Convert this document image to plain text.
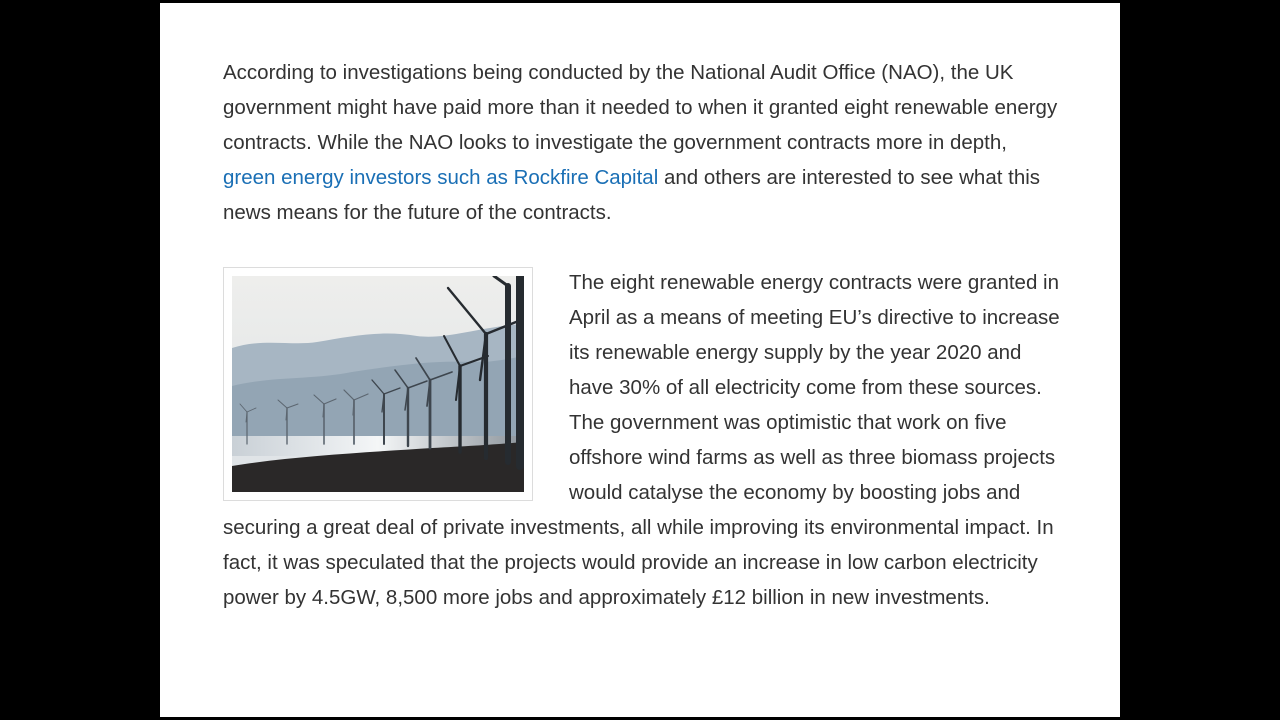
According to investigations being conducted by the National Audit Office (NAO), the UK government might have paid more than it needed to when it granted eight renewable energy contracts. While the NAO looks to investigate the government contracts more in depth, green energy investors such as Rockfire Capital and others are interested to see what this news means for the future of the contracts.

The eight renewable energy contracts were granted in April as a means of meeting EU’s directive to increase its renewable energy supply by the year 2020 and have 30% of all electricity come from these sources. The government was optimistic that work on five offshore wind farms as well as three biomass projects would catalyse the economy by boosting jobs and securing a great deal of private investments, all while improving its environmental impact. In fact, it was speculated that the projects would provide an increase in low carbon electricity power by 4.5GW, 8,500 more jobs and approximately £12 billion in new investments.
